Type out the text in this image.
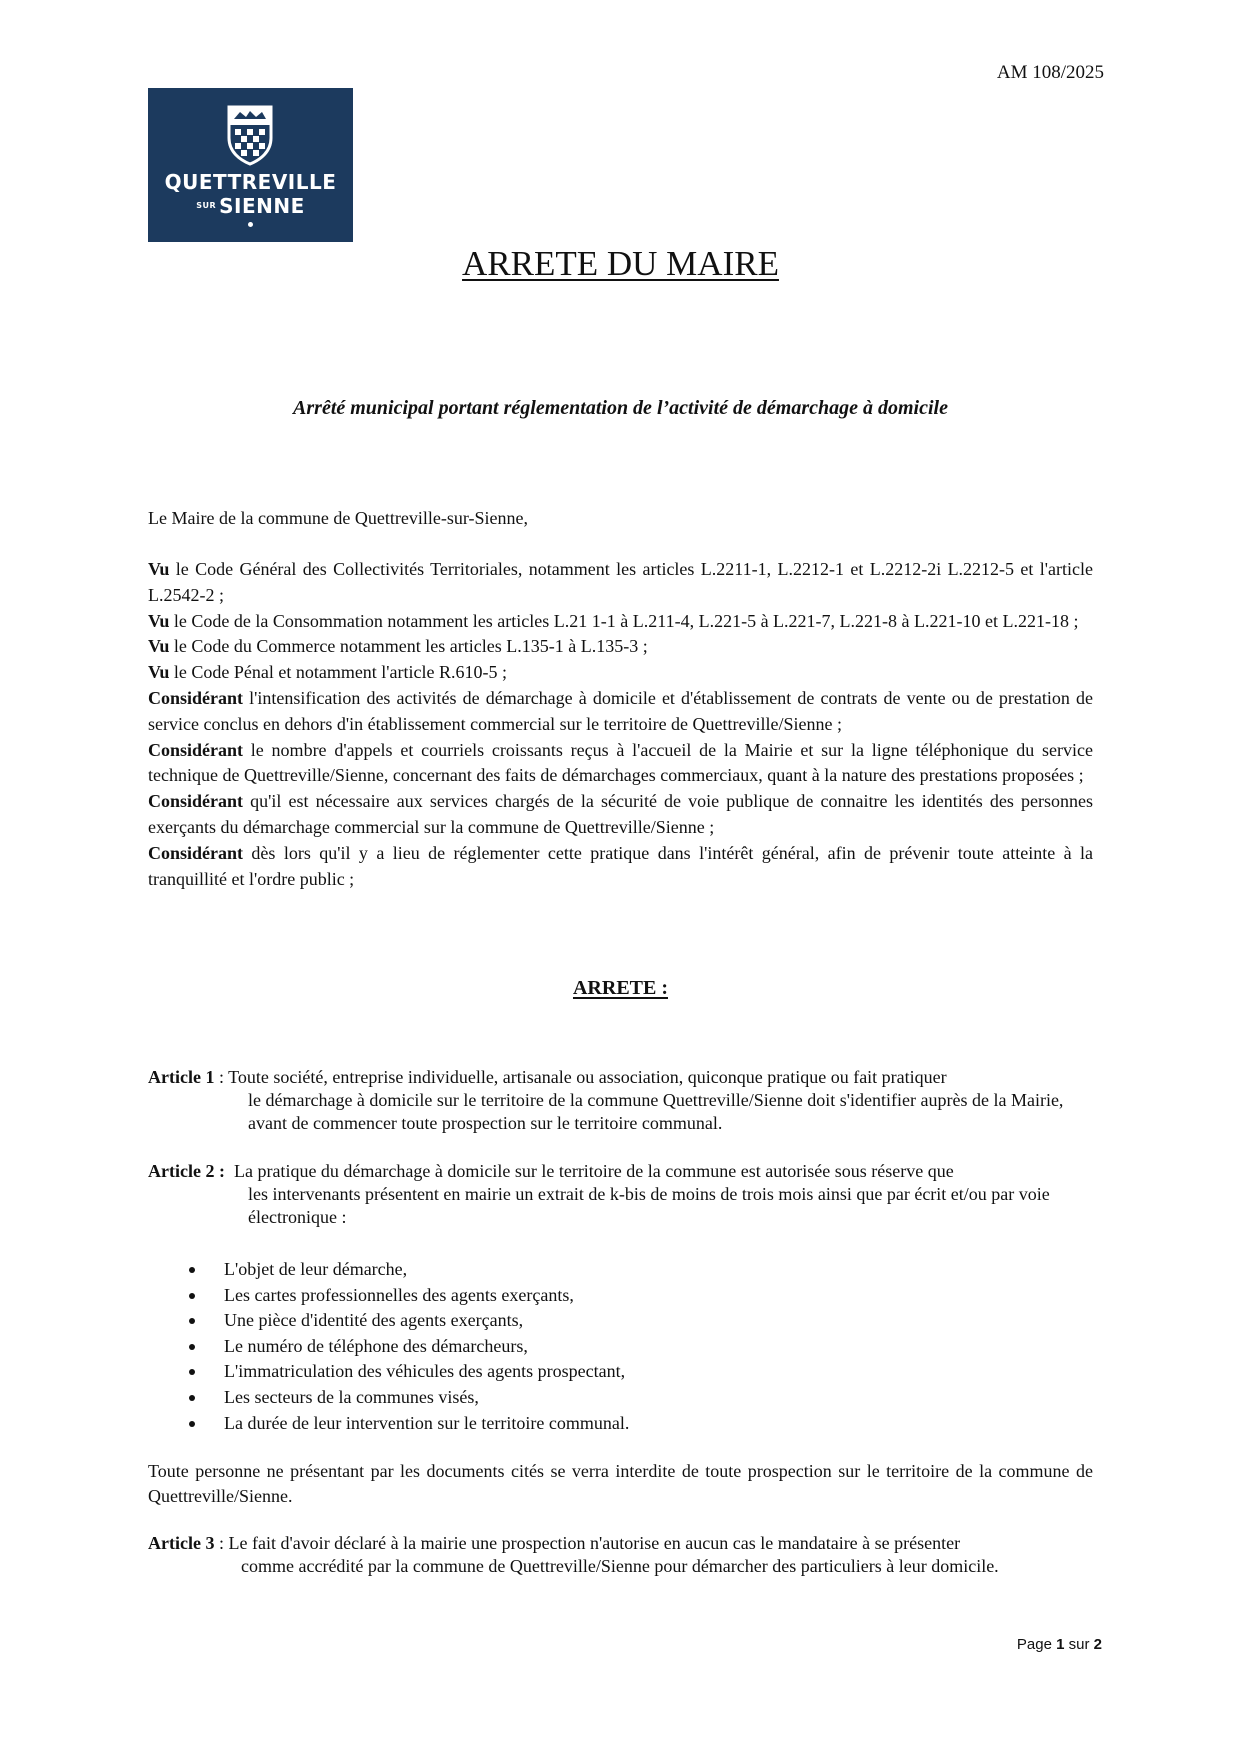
AM 108/2025
QUETTREVILLE
SUR SIENNE
ARRETE DU MAIRE
Arrêté municipal portant réglementation de l’activité de démarchage à domicile
Le Maire de la commune de Quettreville-sur-Sienne,

Vu le Code Général des Collectivités Territoriales, notamment les articles L.2211-1, L.2212-1 et L.2212-2i L.2212-5 et l'article L.2542-2 ;

Vu le Code de la Consommation notamment les articles L.21 1-1 à L.211-4, L.221-5 à L.221-7, L.221-8 à L.221-10 et L.221-18 ;

Vu le Code du Commerce notamment les articles L.135-1 à L.135-3 ;

Vu le Code Pénal et notamment l'article R.610-5 ;

Considérant l'intensification des activités de démarchage à domicile et d'établissement de contrats de vente ou de prestation de service conclus en dehors d'in établissement commercial sur le territoire de Quettreville/Sienne ;

Considérant le nombre d'appels et courriels croissants reçus à l'accueil de la Mairie et sur la ligne téléphonique du service technique de Quettreville/Sienne, concernant des faits de démarchages commerciaux, quant à la nature des prestations proposées ;

Considérant qu'il est nécessaire aux services chargés de la sécurité de voie publique de connaitre les identités des personnes exerçants du démarchage commercial sur la commune de Quettreville/Sienne ;

Considérant dès lors qu'il y a lieu de réglementer cette pratique dans l'intérêt général, afin de prévenir toute atteinte à la tranquillité et l'ordre public ;

ARRETE :
Article 1 : Toute société, entreprise individuelle, artisanale ou association, quiconque pratique ou fait pratiquer
le démarchage à domicile sur le territoire de la commune Quettreville/Sienne doit s'identifier auprès de la Mairie, avant de commencer toute prospection sur le territoire communal.
Article 2 : La pratique du démarchage à domicile sur le territoire de la commune est autorisée sous réserve que
les intervenants présentent en mairie un extrait de k-bis de moins de trois mois ainsi que par écrit et/ou par voie électronique :
L'objet de leur démarche,
Les cartes professionnelles des agents exerçants,
Une pièce d'identité des agents exerçants,
Le numéro de téléphone des démarcheurs,
L'immatriculation des véhicules des agents prospectant,
Les secteurs de la communes visés,
La durée de leur intervention sur le territoire communal.
Toute personne ne présentant par les documents cités se verra interdite de toute prospection sur le territoire de la commune de Quettreville/Sienne.
Article 3 : Le fait d'avoir déclaré à la mairie une prospection n'autorise en aucun cas le mandataire à se présenter
comme accrédité par la commune de Quettreville/Sienne pour démarcher des particuliers à leur domicile.
Page 1 sur 2
